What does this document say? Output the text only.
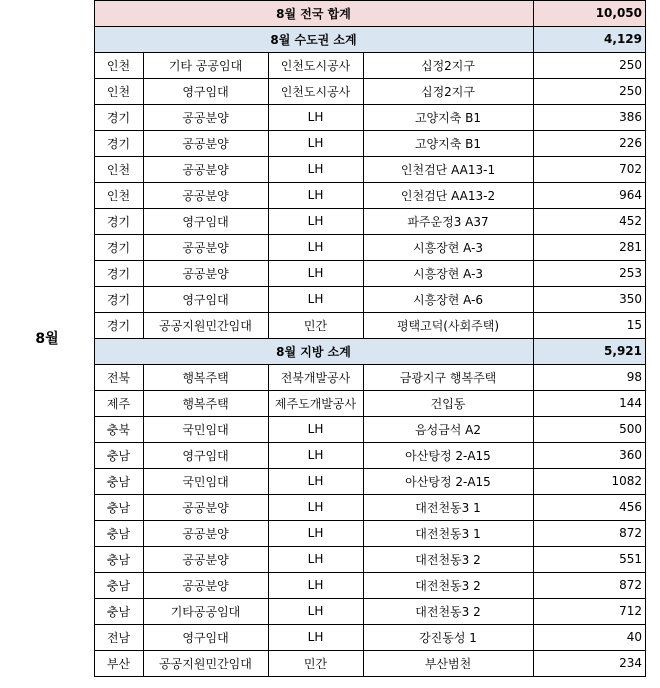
8월
8월 전국 합계	10,050
8월 수도권 소계	4,129
인천	기타 공공임대	인천도시공사	십정2지구	250
인천	영구임대	인천도시공사	십정2지구	250
경기	공공분양	LH	고양지축 B1	386
경기	공공분양	LH	고양지축 B1	226
인천	공공분양	LH	인천검단 AA13-1	702
인천	공공분양	LH	인천검단 AA13-2	964
경기	영구임대	LH	파주운정3 A37	452
경기	공공분양	LH	시흥장현 A-3	281
경기	공공분양	LH	시흥장현 A-3	253
경기	영구임대	LH	시흥장현 A-6	350
경기	공공지원민간임대	민간	평택고덕(사회주택)	15
8월 지방 소계	5,921
전북	행복주택	전북개발공사	금광지구 행복주택	98
제주	행복주택	제주도개발공사	건입동	144
충북	국민임대	LH	음성금석 A2	500
충남	영구임대	LH	아산탕정 2-A15	360
충남	국민임대	LH	아산탕정 2-A15	1082
충남	공공분양	LH	대전천동3 1	456
충남	공공분양	LH	대전천동3 1	872
충남	공공분양	LH	대전천동3 2	551
충남	공공분양	LH	대전천동3 2	872
충남	기타공공임대	LH	대전천동3 2	712
전남	영구임대	LH	강진동성 1	40
부산	공공지원민간임대	민간	부산범천	234
